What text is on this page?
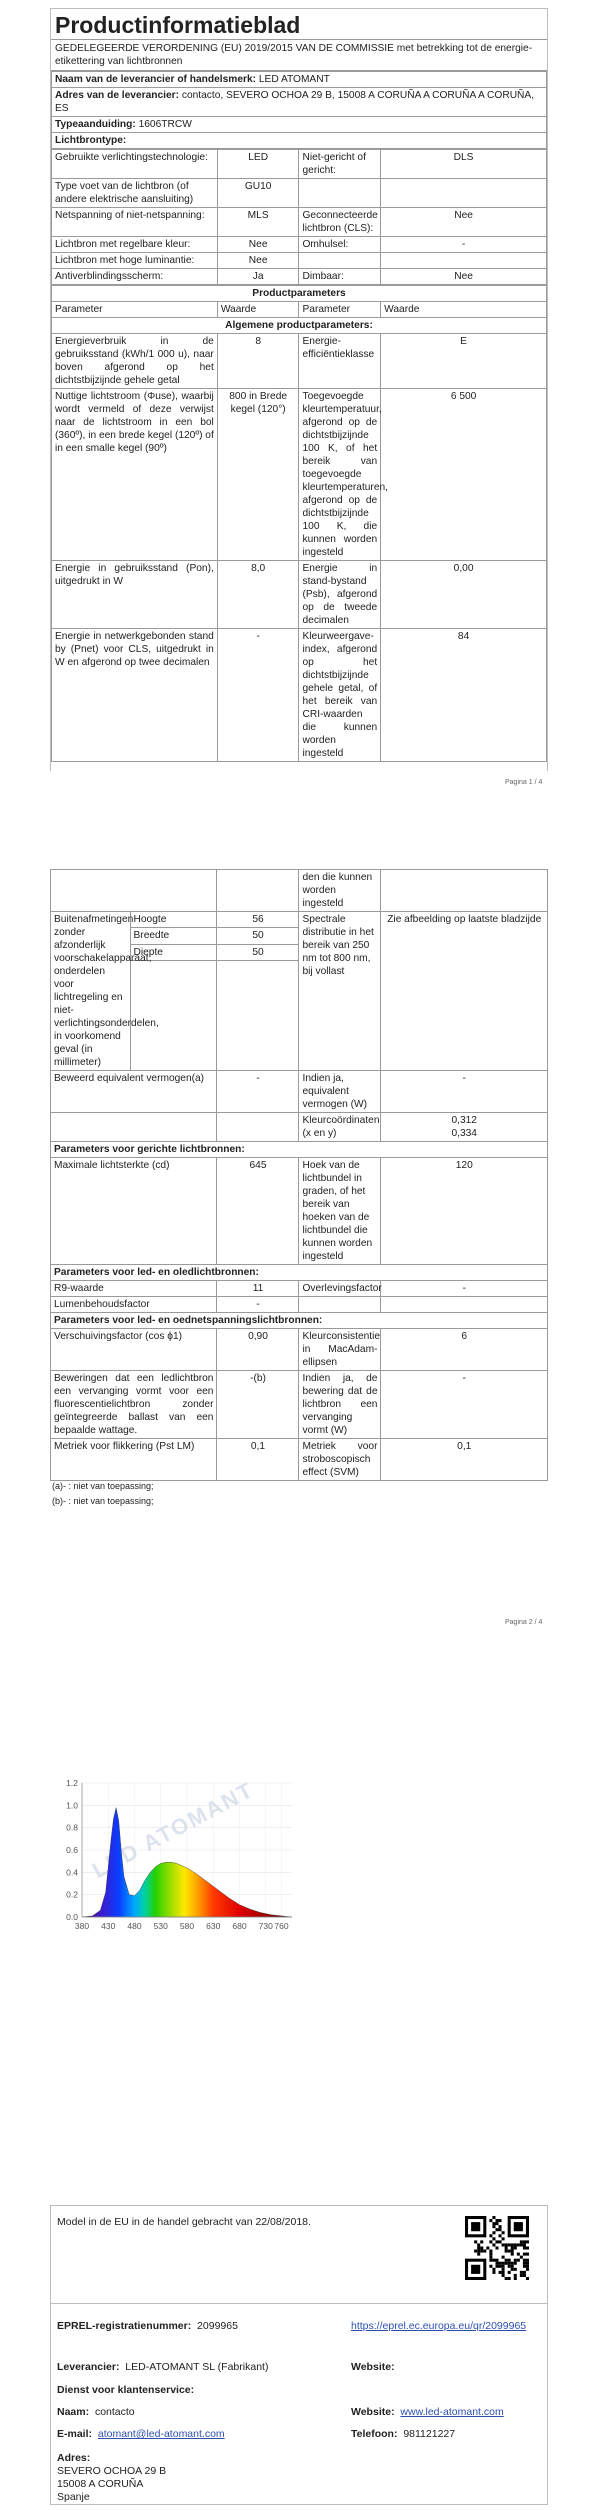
Productinformatieblad
GEDELEGEERDE VERORDENING (EU) 2019/2015 VAN DE COMMISSIE met betrekking tot de energie-etikettering van lichtbronnen
Naam van de leverancier of handelsmerk: LED ATOMANT
Adres van de leverancier: contacto, SEVERO OCHOA 29 B, 15008 A CORUÑA A CORUÑA A CORUÑA, ES
Typeaanduiding: 1606TRCW
Lichtbrontype:
Gebruikte verlichtingstechnologie:	LED	Niet-gericht of gericht:	DLS
Type voet van de lichtbron (of andere elektrische aansluiting)	GU10		
Netspanning of niet-netspanning:	MLS	Geconnecteerde lichtbron (CLS):	Nee
Lichtbron met regelbare kleur:	Nee	Omhulsel:	-
Lichtbron met hoge luminantie:	Nee		
Antiverblindingsscherm:	Ja	Dimbaar:	Nee
Productparameters			
Parameter	Waarde	Parameter	Waarde
Algemene productparameters:			
Energieverbruik in de gebruiksstand (kWh/1 000 u), naar boven afgerond op het dichtstbijzijnde gehele getal	8	Energie-efficiëntieklasse	E
Nuttige lichtstroom (Φuse), waarbij wordt vermeld of deze verwijst naar de lichtstroom in een bol (360º), in een brede kegel (120º) of in een smalle kegel (90º)	800 in Brede kegel (120°)	Toegevoegde kleurtemperatuur, afgerond op de dichtstbijzijnde 100 K, of het bereik van toegevoegde kleurtemperaturen, afgerond op de dichtstbijzijnde 100 K, die kunnen worden ingesteld	6 500
Energie in gebruiksstand (Pon), uitgedrukt in W	8,0	Energie in stand-bystand (Psb), afgerond op de tweede decimalen	0,00
Energie in netwerkgebonden stand by (Pnet) voor CLS, uitgedrukt in W en afgerond op twee decimalen	-	Kleurweergave-index, afgerond op het dichtstbijzijnde gehele getal, of het bereik van CRI-waarden die kunnen worden ingesteld	84
Pagina 1 / 4
			den die kunnen worden ingesteld	
Buitenafmetingen zonder afzonderlijk voorschakelapparaat, onderdelen voor lichtregeling en niet-verlichtingsonderdelen, in voorkomend geval (in millimeter)	Hoogte	56	Spectrale distributie in het bereik van 250 nm tot 800 nm, bij vollast	Zie afbeelding op laatste bladzijde
	Breedte	50		
	Diepte	50		

Beweerd equivalent vermogen(a)		-	Indien ja, equivalent vermogen (W)	-
			Kleurcoördinaten (x en y)	0,312
0,334

Parameters voor gerichte lichtbronnen:				
Maximale lichtsterkte (cd)		645	Hoek van de lichtbundel in graden, of het bereik van hoeken van de lichtbundel die kunnen worden ingesteld	120
Parameters voor led- en oledlichtbronnen:				
R9-waarde		11	Overlevingsfactor	-
Lumenbehoudsfactor		-		
Parameters voor led- en oednetspanningslichtbronnen:				
Verschuivingsfactor (cos ϕ1)		0,90	Kleurconsistentie in MacAdam-ellipsen	6
Beweringen dat een ledlichtbron een vervanging vormt voor een fluorescentielichtbron zonder geïntegreerde ballast van een bepaalde wattage.		-(b)	Indien ja, de bewering dat de lichtbron een vervanging vormt (W)	-
Metriek voor flikkering (Pst LM)		0,1	Metriek voor stroboscopisch effect (SVM)	0,1
(a)- : niet van toepassing;
(b)- : niet van toepassing;
Pagina 2 / 4
0.0
0.2
0.4
0.6
0.8
1.0
1.2
380 430 480 530 580 630 680 730 760
LED ATOMANT
Model in de EU in de handel gebracht van 22/08/2018.
EPREL-registratienummer: 2099965	https://eprel.ec.europa.eu/qr/2099965
Leverancier: LED-ATOMANT SL (Fabrikant)	Website:
Dienst voor klantenservice:
Naam: contacto	Website: www.led-atomant.com
E-mail: atomant@led-atomant.com	Telefoon: 981121227
Adres:
SEVERO OCHOA 29 B
15008 A CORUÑA
Spanje
